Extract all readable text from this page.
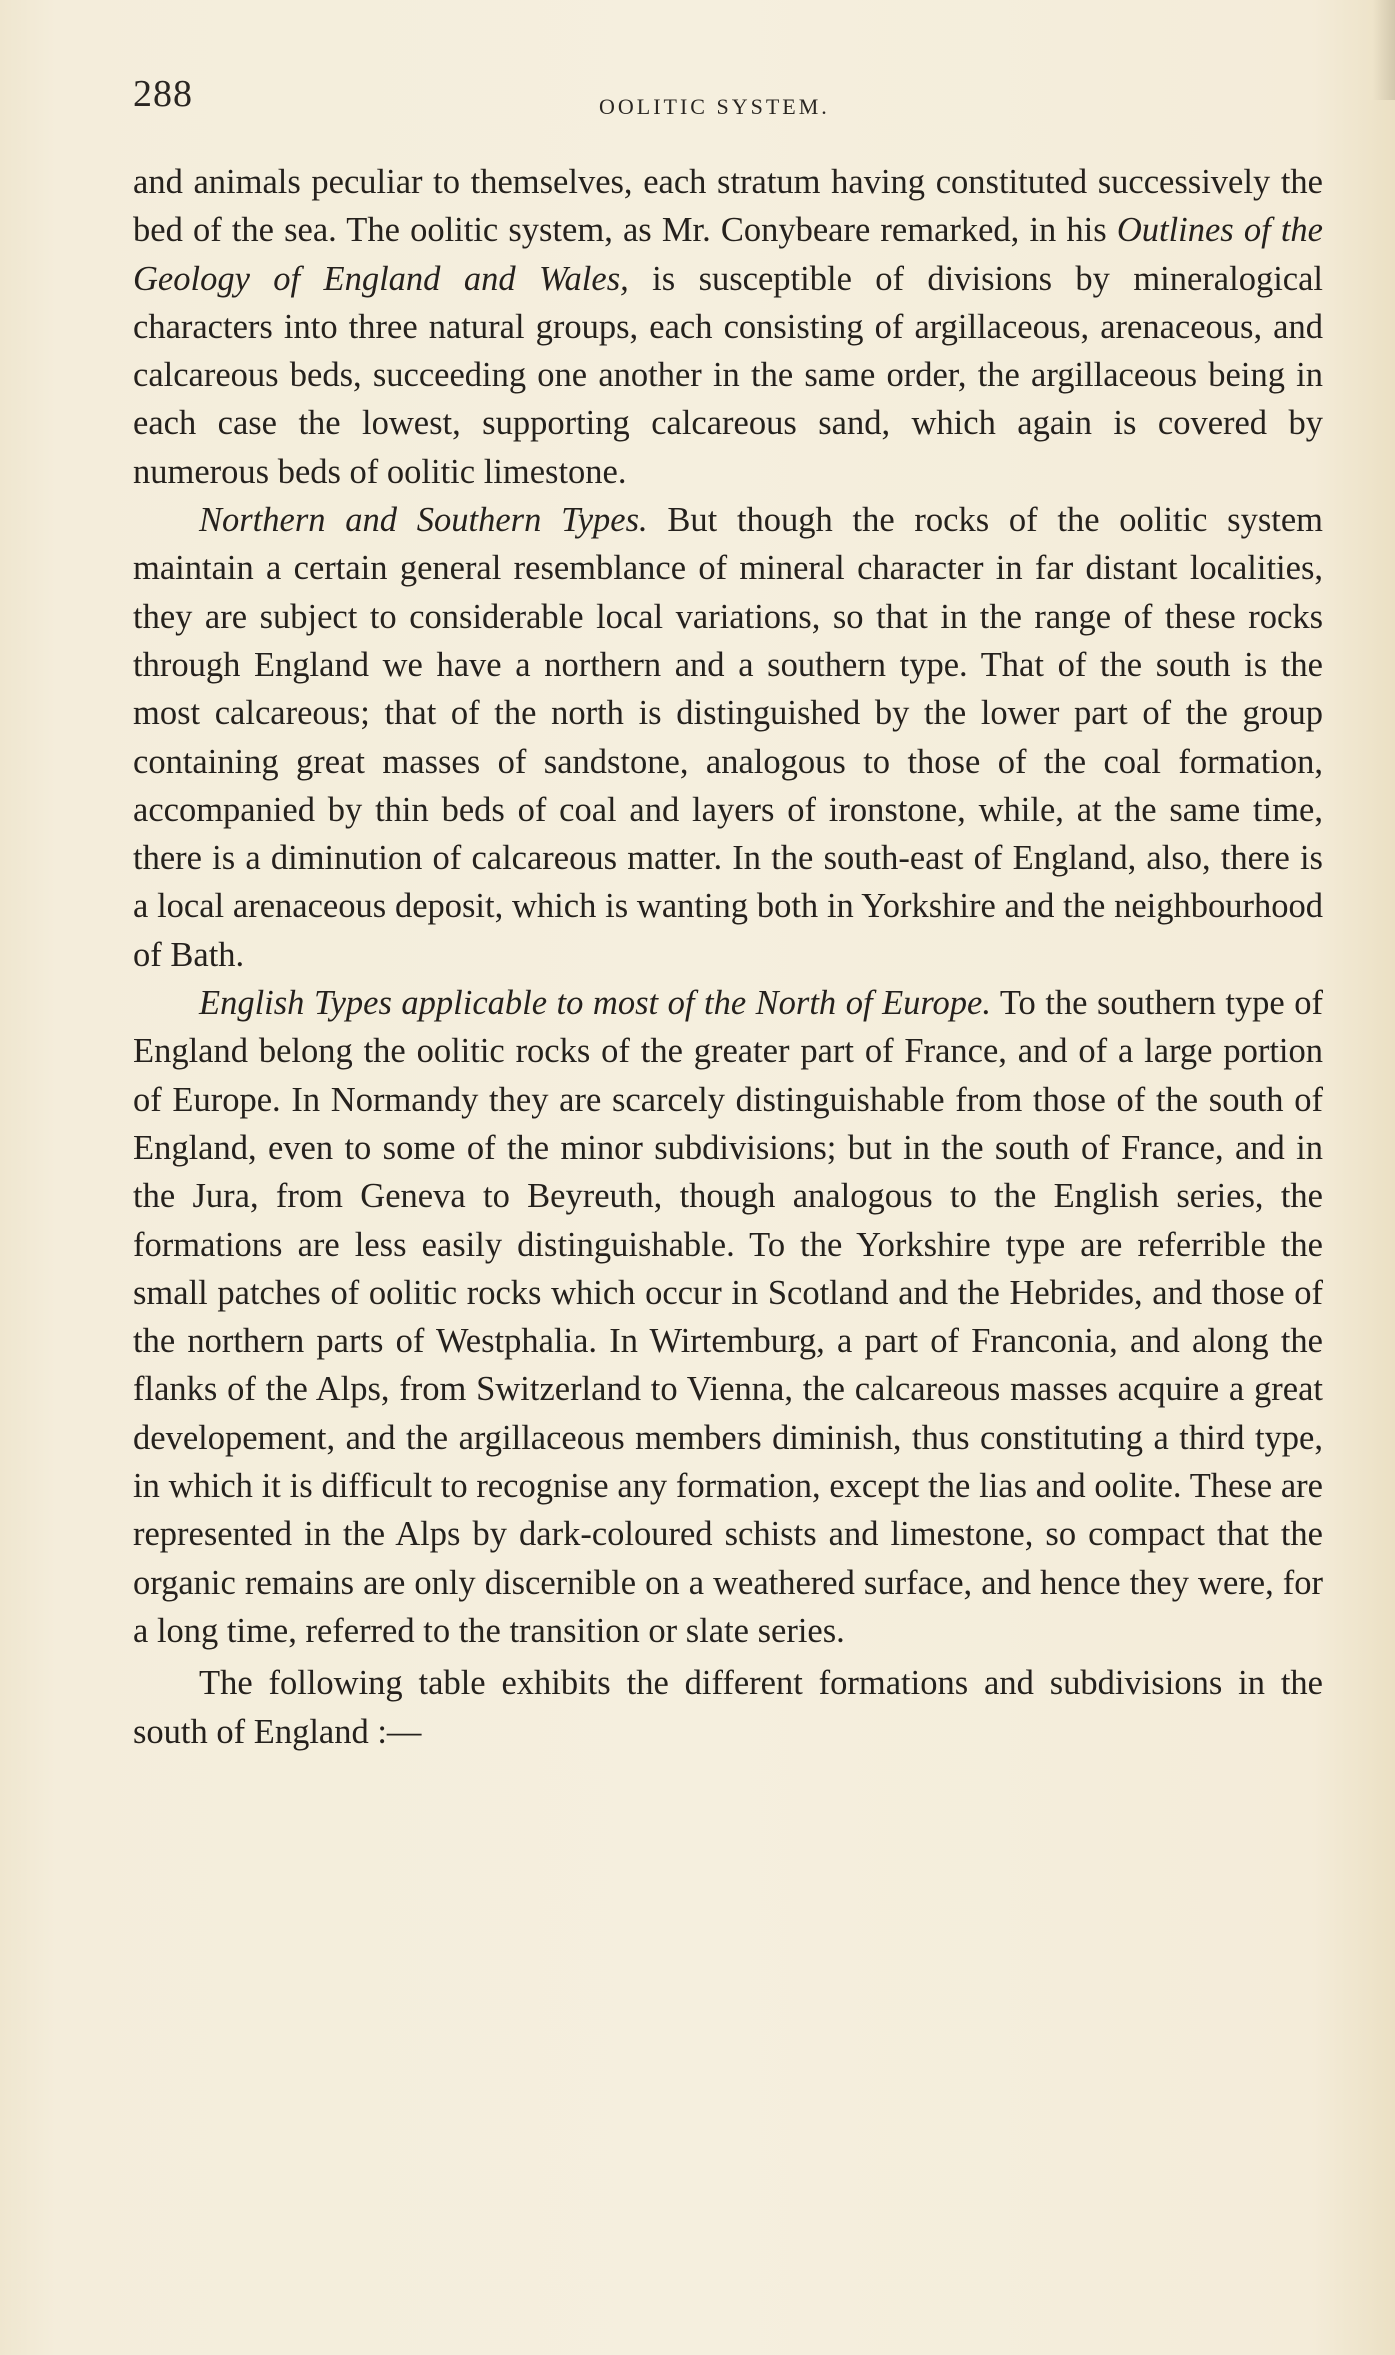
288	OOLITIC SYSTEM.

and animals peculiar to themselves, each stratum having constituted successively the bed of the sea. The oolitic system, as Mr. Conybeare remarked, in his Outlines of the Geology of England and Wales, is susceptible of divisions by mineralogical characters into three natural groups, each consisting of argillaceous, arenaceous, and calcareous beds, succeeding one another in the same order, the argillaceous being in each case the lowest, supporting calcareous sand, which again is covered by numerous beds of oolitic limestone.

Northern and Southern Types. But though the rocks of the oolitic system maintain a certain general resemblance of mineral character in far distant localities, they are subject to considerable local variations, so that in the range of these rocks through England we have a northern and a southern type. That of the south is the most calcareous; that of the north is distinguished by the lower part of the group containing great masses of sandstone, analogous to those of the coal formation, accompanied by thin beds of coal and layers of ironstone, while, at the same time, there is a diminution of calcareous matter. In the south-east of England, also, there is a local arenaceous deposit, which is wanting both in Yorkshire and the neighbourhood of Bath.

English Types applicable to most of the North of Europe. To the southern type of England belong the oolitic rocks of the greater part of France, and of a large portion of Europe. In Normandy they are scarcely distinguishable from those of the south of England, even to some of the minor subdivisions; but in the south of France, and in the Jura, from Geneva to Beyreuth, though analogous to the English series, the formations are less easily distinguishable. To the Yorkshire type are referrible the small patches of oolitic rocks which occur in Scotland and the Hebrides, and those of the northern parts of Westphalia. In Wirtemburg, a part of Franconia, and along the flanks of the Alps, from Switzerland to Vienna, the calcareous masses acquire a great developement, and the argillaceous members diminish, thus constituting a third type, in which it is difficult to recognise any formation, except the lias and oolite. These are represented in the Alps by dark-coloured schists and limestone, so compact that the organic remains are only discernible on a weathered surface, and hence they were, for a long time, referred to the transition or slate series.

The following table exhibits the different formations and subdivisions in the south of England :—
